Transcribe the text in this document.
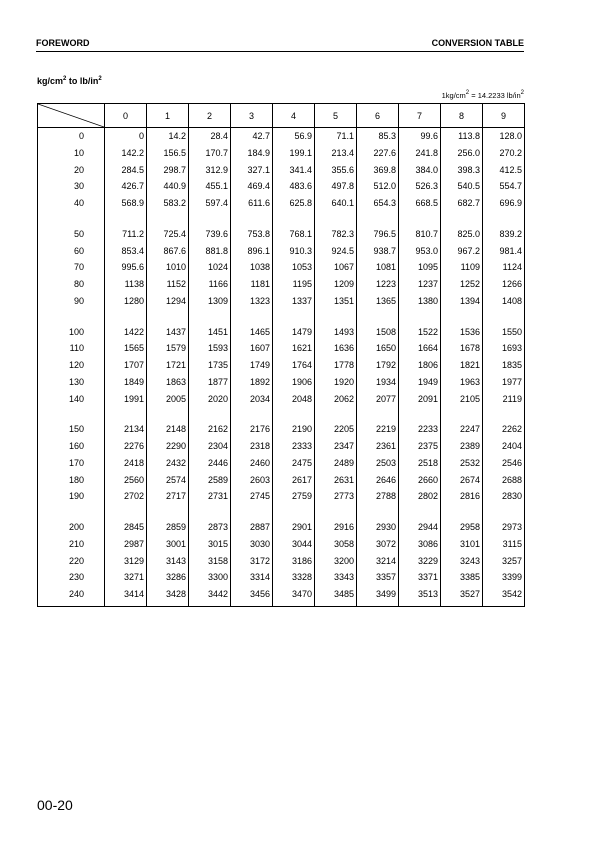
FOREWORD	CONVERSION TABLE
$kg/cm^2$ to $lb/in^2$
$1kg/cm^2 = 14.2233$ $lb/in^2$
	0	1	2	3	4	5	6	7	8	9
0	0	14.2	28.4	42.7	56.9	71.1	85.3	99.6	113.8	128.0
10	142.2	156.5	170.7	184.9	199.1	213.4	227.6	241.8	256.0	270.2
20	284.5	298.7	312.9	327.1	341.4	355.6	369.8	384.0	398.3	412.5
30	426.7	440.9	455.1	469.4	483.6	497.8	512.0	526.3	540.5	554.7
40	568.9	583.2	597.4	611.6	625.8	640.1	654.3	668.5	682.7	696.9

50	711.2	725.4	739.6	753.8	768.1	782.3	796.5	810.7	825.0	839.2
60	853.4	867.6	881.8	896.1	910.3	924.5	938.7	953.0	967.2	981.4
70	995.6	1010	1024	1038	1053	1067	1081	1095	1109	1124
80	1138	1152	1166	1181	1195	1209	1223	1237	1252	1266
90	1280	1294	1309	1323	1337	1351	1365	1380	1394	1408

100	1422	1437	1451	1465	1479	1493	1508	1522	1536	1550
110	1565	1579	1593	1607	1621	1636	1650	1664	1678	1693
120	1707	1721	1735	1749	1764	1778	1792	1806	1821	1835
130	1849	1863	1877	1892	1906	1920	1934	1949	1963	1977
140	1991	2005	2020	2034	2048	2062	2077	2091	2105	2119

150	2134	2148	2162	2176	2190	2205	2219	2233	2247	2262
160	2276	2290	2304	2318	2333	2347	2361	2375	2389	2404
170	2418	2432	2446	2460	2475	2489	2503	2518	2532	2546
180	2560	2574	2589	2603	2617	2631	2646	2660	2674	2688
190	2702	2717	2731	2745	2759	2773	2788	2802	2816	2830

200	2845	2859	2873	2887	2901	2916	2930	2944	2958	2973
210	2987	3001	3015	3030	3044	3058	3072	3086	3101	3115
220	3129	3143	3158	3172	3186	3200	3214	3229	3243	3257
230	3271	3286	3300	3314	3328	3343	3357	3371	3385	3399
240	3414	3428	3442	3456	3470	3485	3499	3513	3527	3542
00-20
